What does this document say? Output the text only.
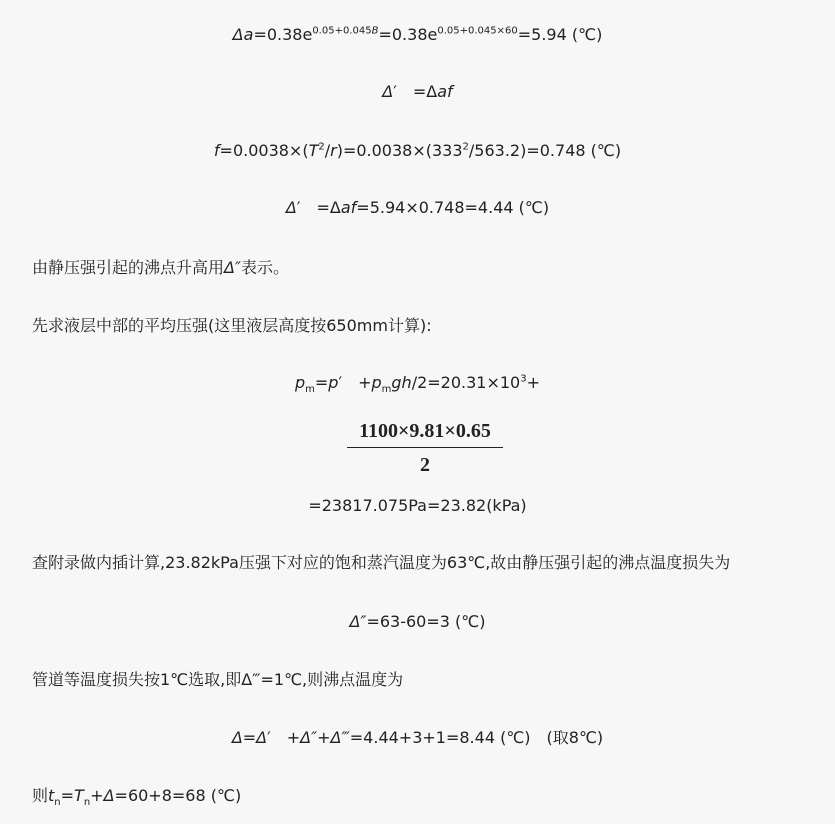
$\Delta a=0.38e^{0.05+0.045B}=0.38e^{0.05+0.045\times 60}=5.94$ (℃)
Δ′　=Δaf
$f=0.0038\times(T^2/r)=0.0038\times(333^2/563.2)=0.748$ (℃)
Δ′　=Δaf=5.94×0.748=4.44 (℃)
由静压强引起的沸点升高用Δ″表示。
先求液层中部的平均压强(这里液层高度按650mm计算):
$p_m=p'$　$+p_mgh/2=20.31\times 10^3+$
1100×9.81×0.65
2
=23817.075Pa=23.82(kPa)
查附录做内插计算,23.82kPa压强下对应的饱和蒸汽温度为63℃,故由静压强引起的沸点温度损失为
Δ″=63-60=3 (℃)
管道等温度损失按1℃选取,即Δ‴=1℃,则沸点温度为
Δ=Δ′　+Δ″+Δ‴=4.44+3+1=8.44 (℃)　(取8℃)
则$t_n=T_n+\Delta=60+8=68$ (℃)
